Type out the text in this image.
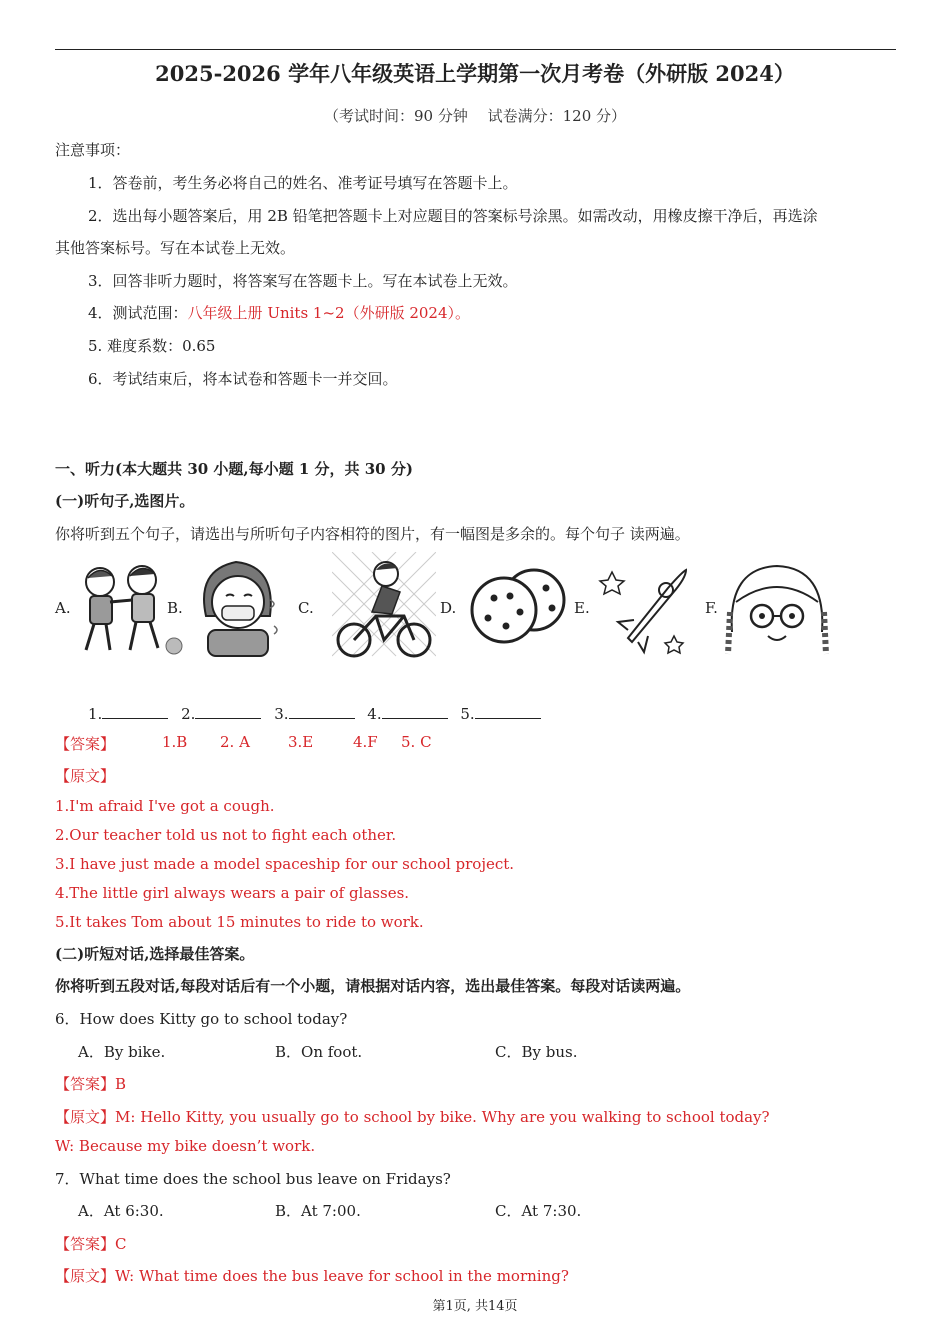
2025-2026 学年八年级英语上学期第一次月考卷（外研版 2024）
（考试时间：90 分钟　 试卷满分：120 分）
注意事项：
1．答卷前，考生务必将自己的姓名、准考证号填写在答题卡上。
2．选出每小题答案后，用 2B 铅笔把答题卡上对应题目的答案标号涂黑。如需改动，用橡皮擦干净后，再选涂
其他答案标号。写在本试卷上无效。
3．回答非听力题时，将答案写在答题卡上。写在本试卷上无效。
4．测试范围：八年级上册 Units 1~2（外研版 2024）。
5. 难度系数：0.65
6．考试结束后，将本试卷和答题卡一并交回。
一、听力(本大题共 30 小题,每小题 1 分，共 30 分)
(一)听句子,选图片。
你将听到五个句子，请选出与所听句子内容相符的图片，有一幅图是多余的。每个句子 读两遍。
A.	B.	C.	D.	E.	F.
1.	2.	3.	4.	5.
【答案】	1.B 2. A	3.E	4.F 5. C
【原文】
1.I'm afraid I've got a cough.
2.Our teacher told us not to fight each other.
3.I have just made a model spaceship for our school project.
4.The little girl always wears a pair of glasses.
5.It takes Tom about 15 minutes to ride to work.
(二)听短对话,选择最佳答案。
你将听到五段对话,每段对话后有一个小题，请根据对话内容，选出最佳答案。每段对话读两遍。
6．How does Kitty go to school today?
A．By bike.	B．On foot.	C．By bus.
【答案】B
【原文】M: Hello Kitty, you usually go to school by bike. Why are you walking to school today?
W: Because my bike doesn’t work.
7．What time does the school bus leave on Fridays?
A．At 6:30.	B．At 7:00.	C．At 7:30.
【答案】C
【原文】W: What time does the bus leave for school in the morning?
第1页, 共14页
